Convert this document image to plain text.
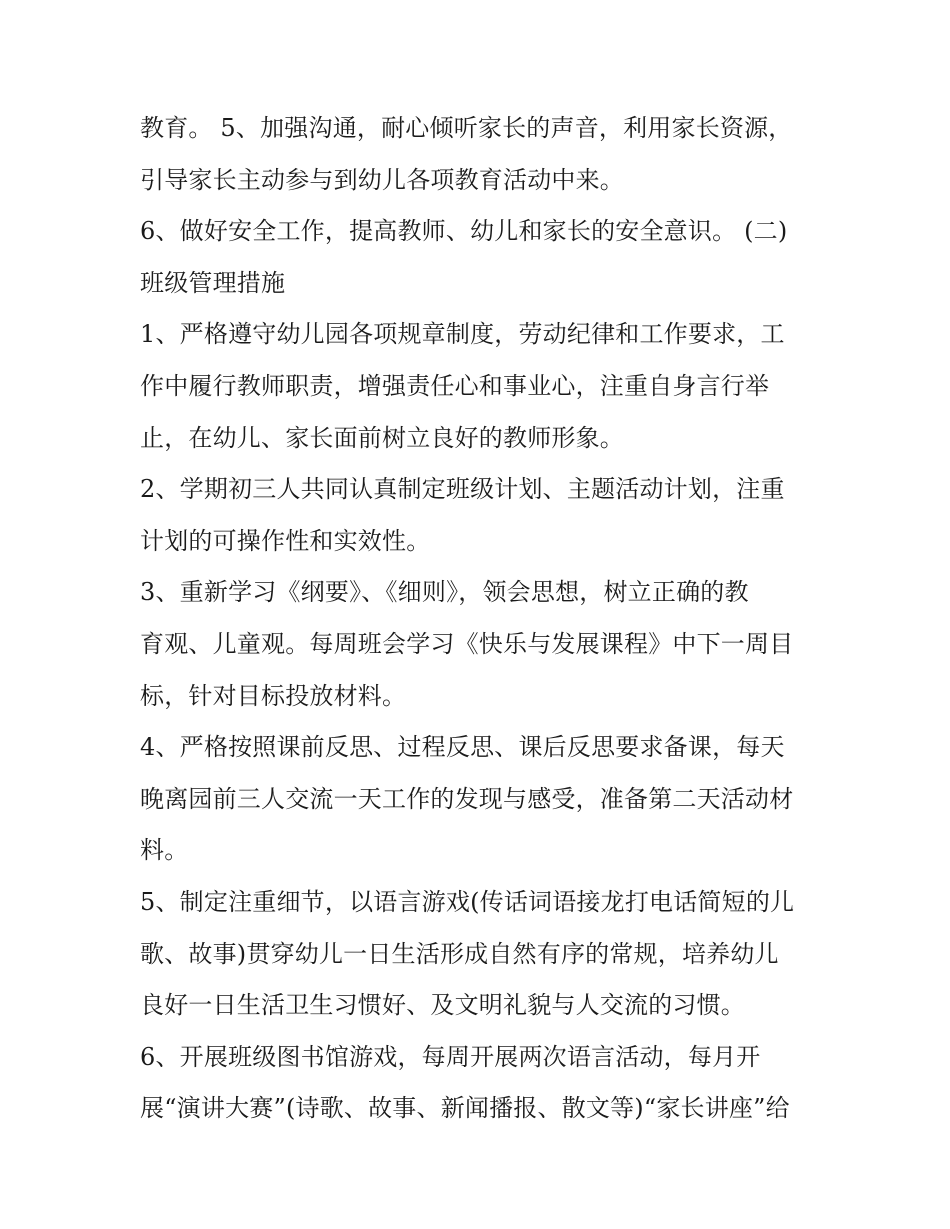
教育。 5、加强沟通，耐心倾听家长的声音，利用家长资源，
引导家长主动参与到幼儿各项教育活动中来。
6、做好安全工作，提高教师、幼儿和家长的安全意识。 (二)
班级管理措施
1、严格遵守幼儿园各项规章制度，劳动纪律和工作要求，工
作中履行教师职责，增强责任心和事业心，注重自身言行举
止，在幼儿、家长面前树立良好的教师形象。
2、学期初三人共同认真制定班级计划、主题活动计划，注重
计划的可操作性和实效性。
3、重新学习《纲要》、《细则》，领会思想，树立正确的教
育观、儿童观。每周班会学习《快乐与发展课程》中下一周目
标，针对目标投放材料。
4、严格按照课前反思、过程反思、课后反思要求备课，每天
晚离园前三人交流一天工作的发现与感受，准备第二天活动材
料。
5、制定注重细节，以语言游戏(传话词语接龙打电话简短的儿
歌、故事)贯穿幼儿一日生活形成自然有序的常规，培养幼儿
良好一日生活卫生习惯好、及文明礼貌与人交流的习惯。
6、开展班级图书馆游戏，每周开展两次语言活动，每月开
展“演讲大赛”(诗歌、故事、新闻播报、散文等)“家长讲座”给
